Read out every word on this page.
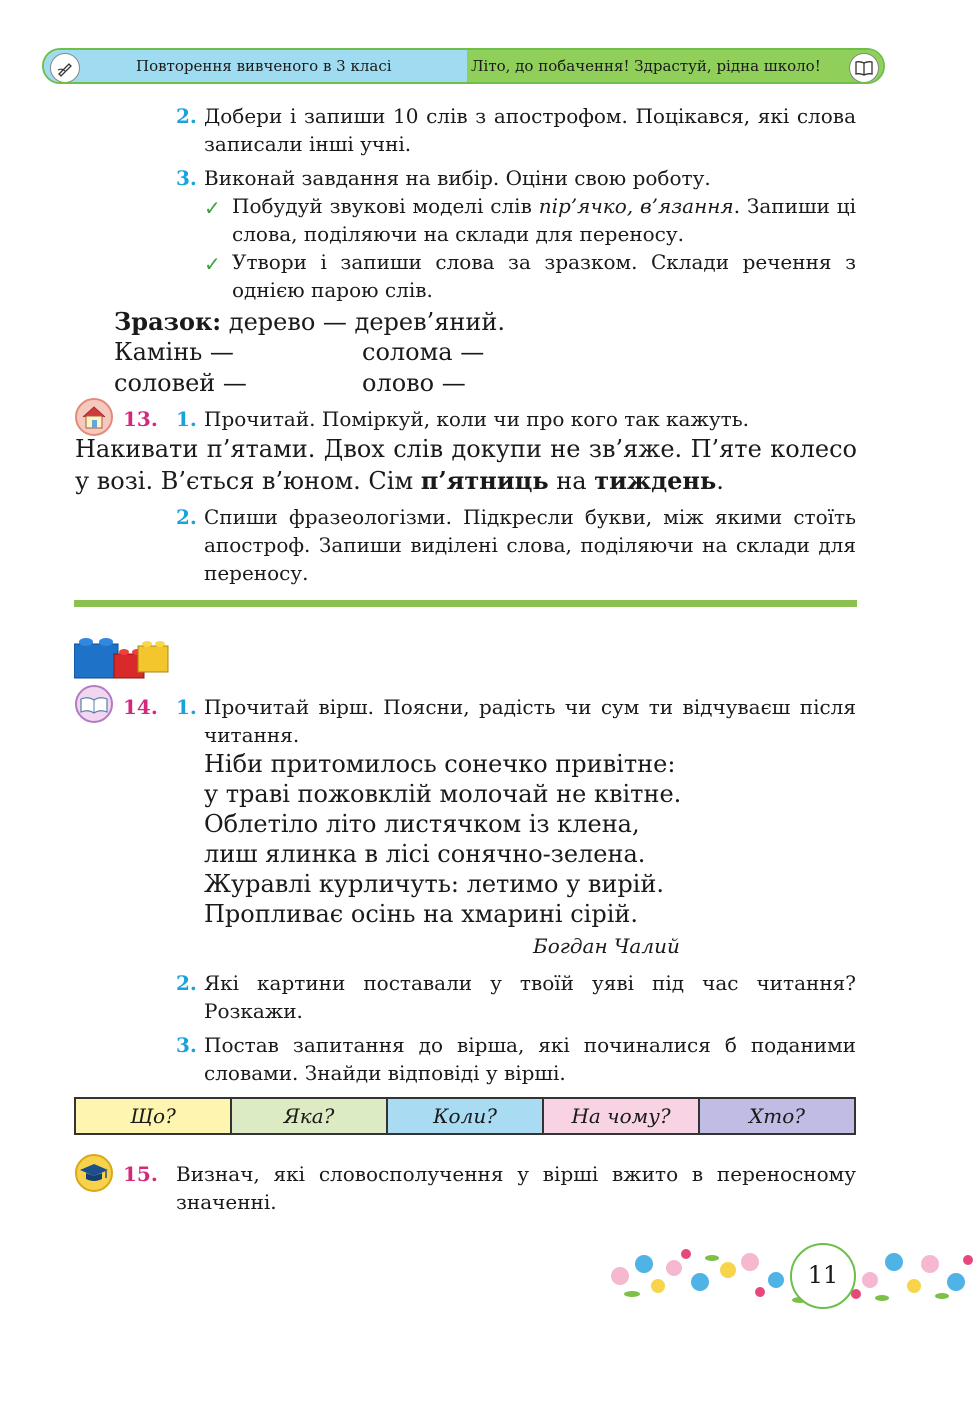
Повторення вивченого в 3 класі	Літо, до побачення! Здрастуй, рідна школо!
2. Добери і запиши 10 слів з апострофом. Поцікався, які слова записали інші учні.
3. Виконай завдання на вибір. Оціни свою роботу.
✓ Побудуй звукові моделі слів пір’ячко, в’язання. Запиши ці слова, поділяючи на склади для переносу.
✓ Утвори і запиши слова за зразком. Склади речення з однією парою слів.
Зразок: дерево — дерев’яний.
Камінь —	солома —
соловей —	олово —
13. 1. Прочитай. Поміркуй, коли чи про кого так кажуть.
Накивати п’ятами. Двох слів докупи не зв’яже. П’яте колесо у возі. В’ється в’юном. Сім п’ятниць на тиждень.
2. Спиши фразеологізми. Підкресли букви, між якими стоїть апостроф. Запиши виділені слова, поділяючи на склади для переносу.
14. 1. Прочитай вірш. Поясни, радість чи сум ти відчуваєш після читання.
Ніби притомилось сонечко привітне:
у траві пожовклій молочай не квітне.
Облетіло літо листячком із клена,
лиш ялинка в лісі сонячно-зелена.
Журавлі курличуть: летимо у вирій.
Пропливає осінь на хмарині сірій.
Богдан Чалий
2. Які картини поставали у твоїй уяві під час читання? Розкажи.
3. Постав запитання до вірша, які починалися б поданими словами. Знайди відповіді у вірші.
Що?	Яка?	Коли?	На чому?	Хто?
15. Визнач, які словосполучення у вірші вжито в переносному значенні.
11
